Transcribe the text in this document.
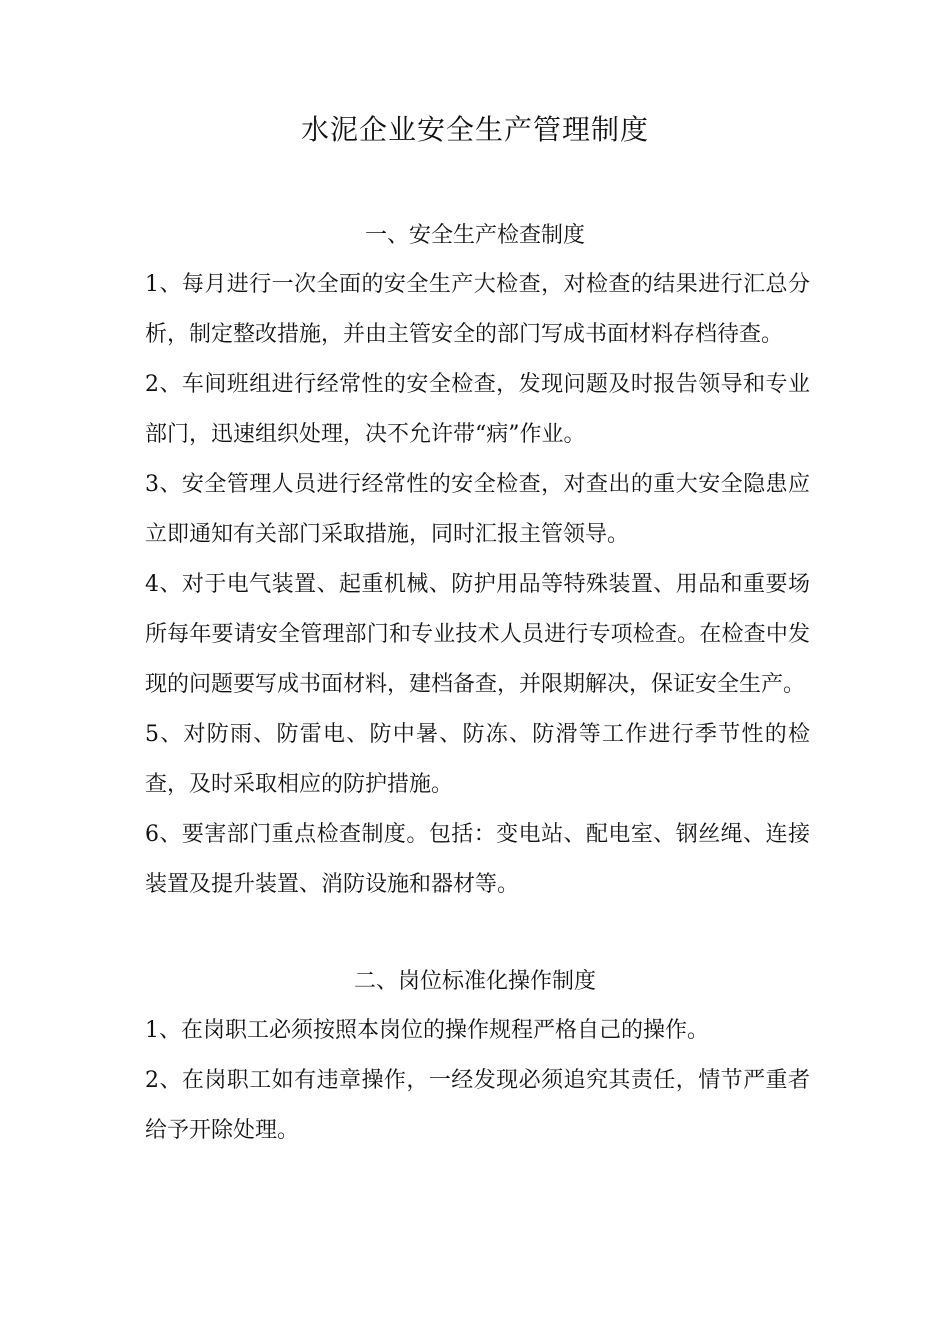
水泥企业安全生产管理制度
一、安全生产检查制度

1、每月进行一次全面的安全生产大检查，对检查的结果进行汇总分析，制定整改措施，并由主管安全的部门写成书面材料存档待查。

2、车间班组进行经常性的安全检查，发现问题及时报告领导和专业部门，迅速组织处理，决不允许带“病”作业。

3、安全管理人员进行经常性的安全检查，对查出的重大安全隐患应立即通知有关部门采取措施，同时汇报主管领导。

4、对于电气装置、起重机械、防护用品等特殊装置、用品和重要场所每年要请安全管理部门和专业技术人员进行专项检查。在检查中发现的问题要写成书面材料，建档备查，并限期解决，保证安全生产。

5、对防雨、防雷电、防中暑、防冻、防滑等工作进行季节性的检查，及时采取相应的防护措施。

6、要害部门重点检查制度。包括：变电站、配电室、钢丝绳、连接装置及提升装置、消防设施和器材等。

二、岗位标准化操作制度

1、在岗职工必须按照本岗位的操作规程严格自己的操作。

2、在岗职工如有违章操作，一经发现必须追究其责任，情节严重者给予开除处理。
